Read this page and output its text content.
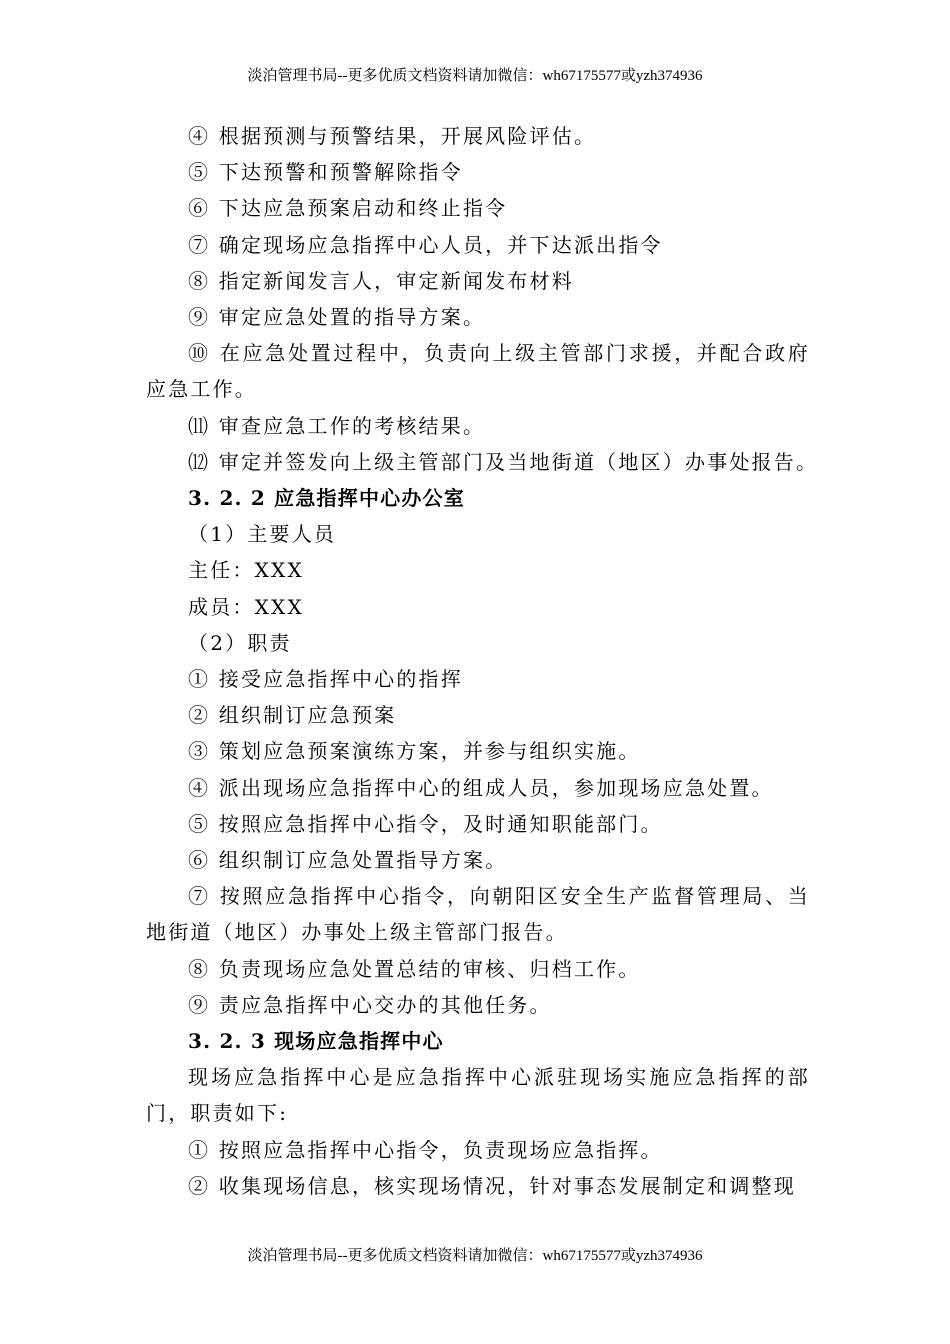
淡泊管理书局--更多优质文档资料请加微信：wh67175577或yzh374936

④ 根据预测与预警结果，开展风险评估。

⑤ 下达预警和预警解除指令

⑥ 下达应急预案启动和终止指令

⑦ 确定现场应急指挥中心人员，并下达派出指令

⑧ 指定新闻发言人，审定新闻发布材料

⑨ 审定应急处置的指导方案。

⑩ 在应急处置过程中，负责向上级主管部门求援，并配合政府应急工作。

⑾ 审查应急工作的考核结果。

⑿ 审定并签发向上级主管部门及当地街道（地区）办事处报告。

3. 2. 2 应急指挥中心办公室

（1）主要人员

主任：XXX

成员：XXX

（2）职责

① 接受应急指挥中心的指挥

② 组织制订应急预案

③ 策划应急预案演练方案，并参与组织实施。

④ 派出现场应急指挥中心的组成人员，参加现场应急处置。

⑤ 按照应急指挥中心指令，及时通知职能部门。

⑥ 组织制订应急处置指导方案。

⑦ 按照应急指挥中心指令，向朝阳区安全生产监督管理局、当地街道（地区）办事处上级主管部门报告。

⑧ 负责现场应急处置总结的审核、归档工作。

⑨ 责应急指挥中心交办的其他任务。

3. 2. 3 现场应急指挥中心

现场应急指挥中心是应急指挥中心派驻现场实施应急指挥的部门，职责如下:

① 按照应急指挥中心指令，负责现场应急指挥。

② 收集现场信息，核实现场情况，针对事态发展制定和调整现

淡泊管理书局--更多优质文档资料请加微信：wh67175577或yzh374936
